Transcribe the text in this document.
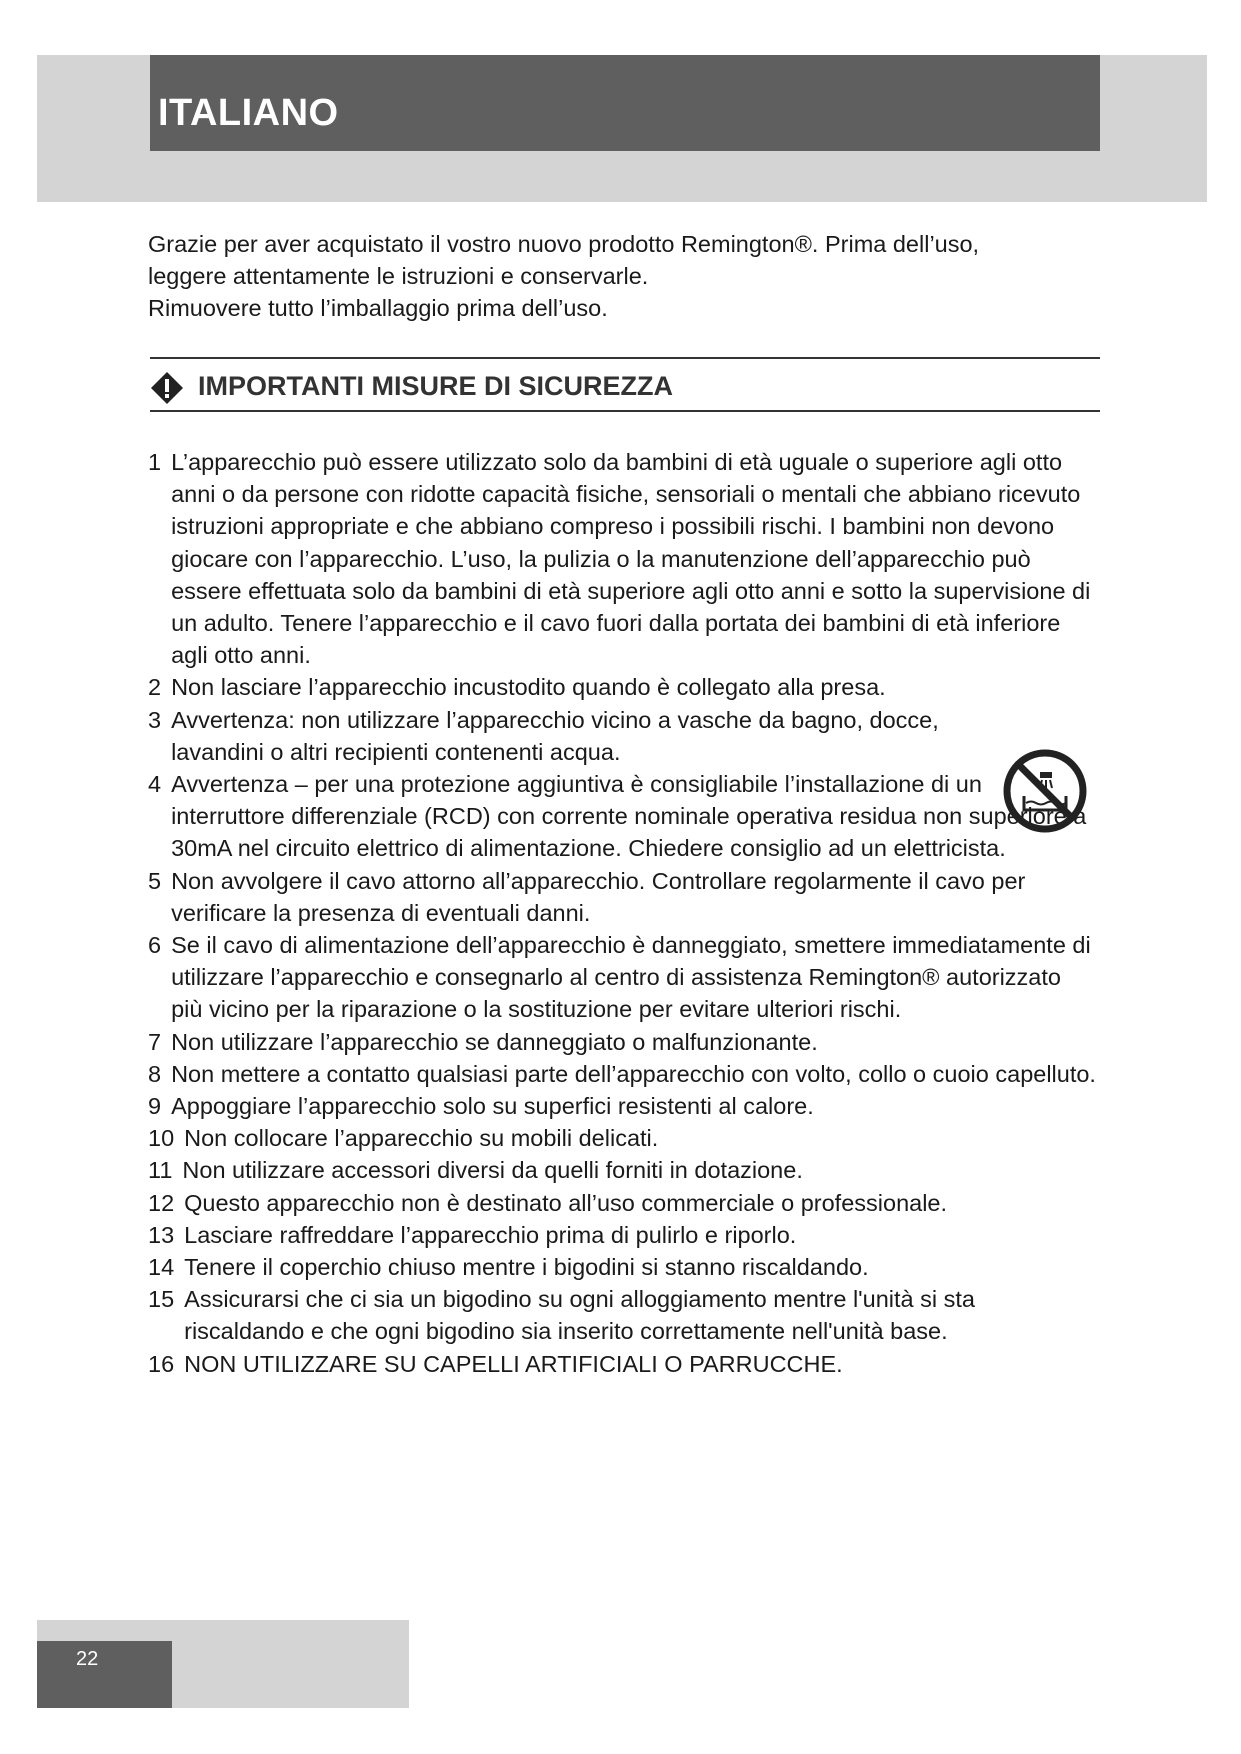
ITALIANO

Grazie per aver acquistato il vostro nuovo prodotto Remington®. Prima dell’uso,

leggere attentamente le istruzioni e conservarle.

Rimuovere tutto l’imballaggio prima dell’uso.

IMPORTANTI MISURE DI SICUREZZA
1 L’apparecchio può essere utilizzato solo da bambini di età uguale o superiore agli otto anni o da persone con ridotte capacità fisiche, sensoriali o mentali che abbiano ricevuto istruzioni appropriate e che abbiano compreso i possibili rischi. I bambini non devono giocare con l’apparecchio. L’uso, la pulizia o la manutenzione dell’apparecchio può essere effettuata solo da bambini di età superiore agli otto anni e sotto la supervisione di un adulto. Tenere l’apparecchio e il cavo fuori dalla portata dei bambini di età inferiore agli otto anni.
2 Non lasciare l’apparecchio incustodito quando è collegato alla presa.
3 Avvertenza: non utilizzare l’apparecchio vicino a vasche da bagno, docce, lavandini o altri recipienti contenenti acqua.
4 Avvertenza – per una protezione aggiuntiva è consigliabile l’installazione di un interruttore differenziale (RCD) con corrente nominale operativa residua non superiore a 30mA nel circuito elettrico di alimentazione. Chiedere consiglio ad un elettricista.
5 Non avvolgere il cavo attorno all’apparecchio. Controllare regolarmente il cavo per verificare la presenza di eventuali danni.
6 Se il cavo di alimentazione dell’apparecchio è danneggiato, smettere immediatamente di utilizzare l’apparecchio e consegnarlo al centro di assistenza Remington® autorizzato più vicino per la riparazione o la sostituzione per evitare ulteriori rischi.
7 Non utilizzare l’apparecchio se danneggiato o malfunzionante.
8 Non mettere a contatto qualsiasi parte dell’apparecchio con volto, collo o cuoio capelluto.
9 Appoggiare l’apparecchio solo su superfici resistenti al calore.
10 Non collocare l’apparecchio su mobili delicati.
11 Non utilizzare accessori diversi da quelli forniti in dotazione.
12 Questo apparecchio non è destinato all’uso commerciale o professionale.
13 Lasciare raffreddare l’apparecchio prima di pulirlo e riporlo.
14 Tenere il coperchio chiuso mentre i bigodini si stanno riscaldando.
15 Assicurarsi che ci sia un bigodino su ogni alloggiamento mentre l'unità si sta riscaldando e che ogni bigodino sia inserito correttamente nell'unità base.
16 NON UTILIZZARE SU CAPELLI ARTIFICIALI O PARRUCCHE.
22
